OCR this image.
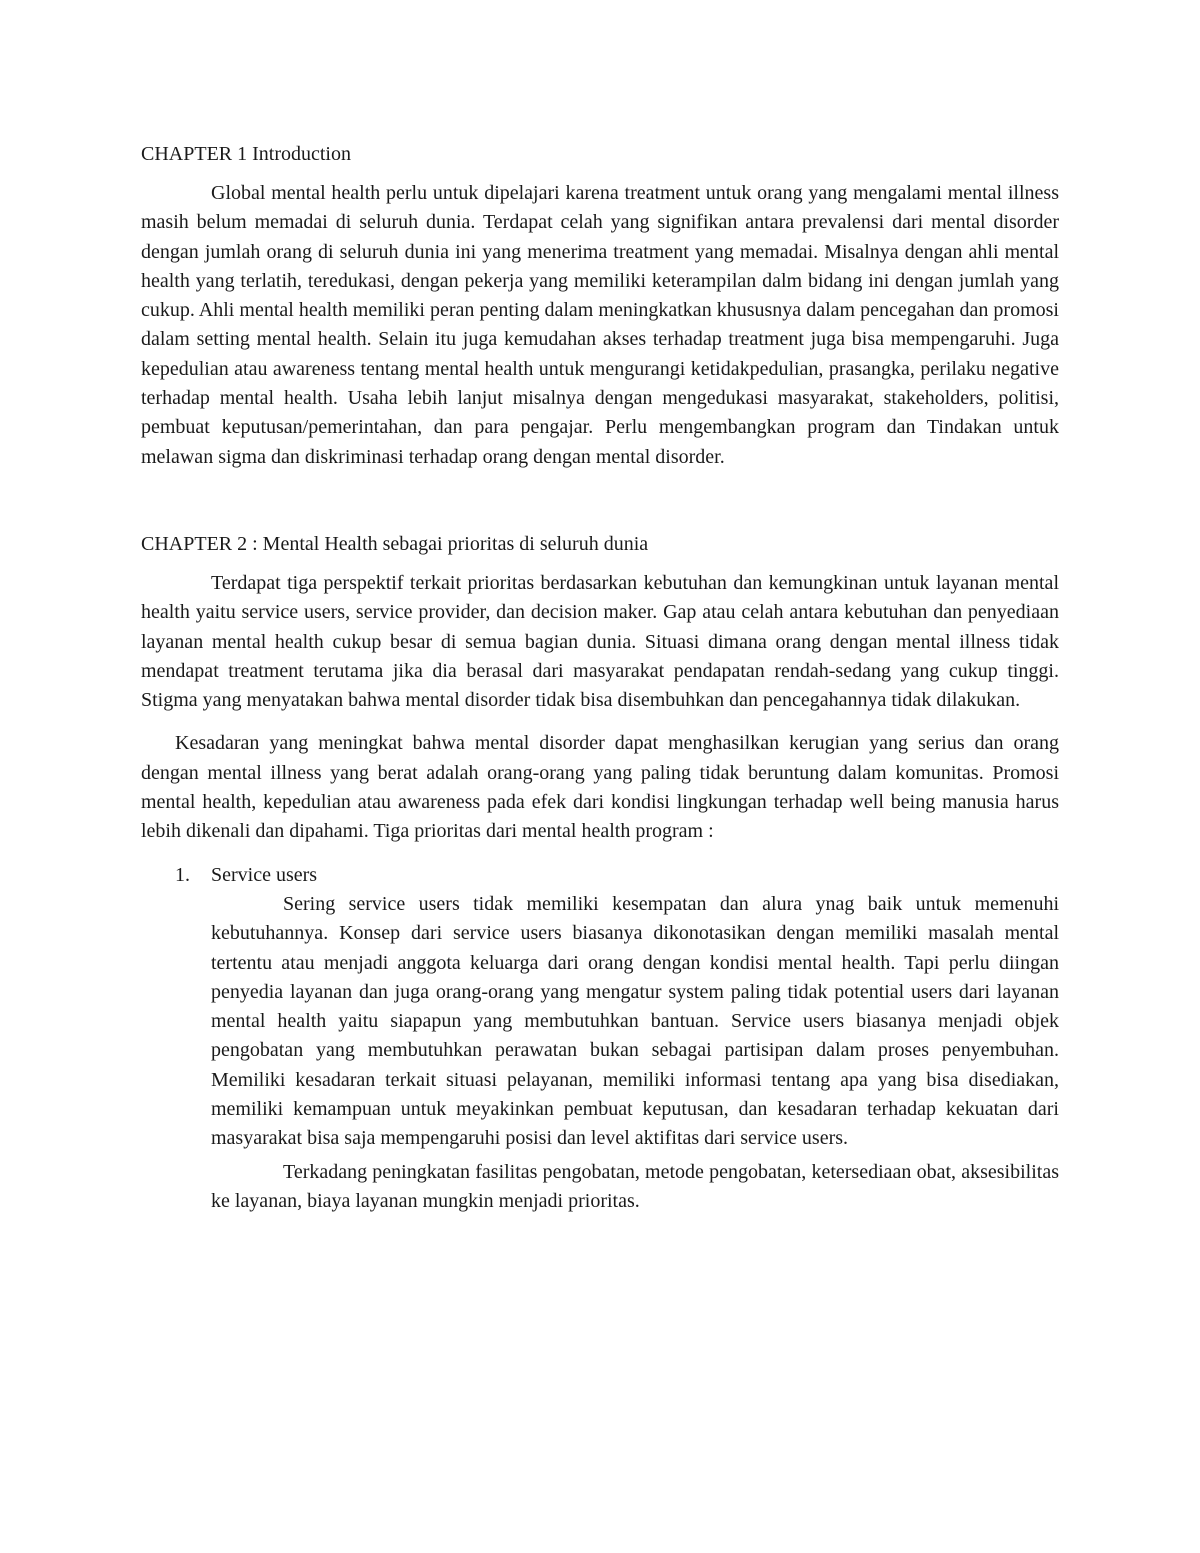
CHAPTER 1 Introduction

Global mental health perlu untuk dipelajari karena treatment untuk orang yang mengalami mental illness masih belum memadai di seluruh dunia. Terdapat celah yang signifikan antara prevalensi dari mental disorder dengan jumlah orang di seluruh dunia ini yang menerima treatment yang memadai. Misalnya dengan ahli mental health yang terlatih, teredukasi, dengan pekerja yang memiliki keterampilan dalm bidang ini dengan jumlah yang cukup. Ahli mental health memiliki peran penting dalam meningkatkan khususnya dalam pencegahan dan promosi dalam setting mental health. Selain itu juga kemudahan akses terhadap treatment juga bisa mempengaruhi. Juga kepedulian atau awareness tentang mental health untuk mengurangi ketidakpedulian, prasangka, perilaku negative terhadap mental health. Usaha lebih lanjut misalnya dengan mengedukasi masyarakat, stakeholders, politisi, pembuat keputusan/pemerintahan, dan para pengajar. Perlu mengembangkan program dan Tindakan untuk melawan sigma dan diskriminasi terhadap orang dengan mental disorder.

CHAPTER 2 : Mental Health sebagai prioritas di seluruh dunia

Terdapat tiga perspektif terkait prioritas berdasarkan kebutuhan dan kemungkinan untuk layanan mental health yaitu service users, service provider, dan decision maker. Gap atau celah antara kebutuhan dan penyediaan layanan mental health cukup besar di semua bagian dunia. Situasi dimana orang dengan mental illness tidak mendapat treatment terutama jika dia berasal dari masyarakat pendapatan rendah-sedang yang cukup tinggi. Stigma yang menyatakan bahwa mental disorder tidak bisa disembuhkan dan pencegahannya tidak dilakukan.

Kesadaran yang meningkat bahwa mental disorder dapat menghasilkan kerugian yang serius dan orang dengan mental illness yang berat adalah orang-orang yang paling tidak beruntung dalam komunitas. Promosi mental health, kepedulian atau awareness pada efek dari kondisi lingkungan terhadap well being manusia harus lebih dikenali dan dipahami. Tiga prioritas dari mental health program :

1. Service users

Sering service users tidak memiliki kesempatan dan alura ynag baik untuk memenuhi kebutuhannya. Konsep dari service users biasanya dikonotasikan dengan memiliki masalah mental tertentu atau menjadi anggota keluarga dari orang dengan kondisi mental health. Tapi perlu diingan penyedia layanan dan juga orang-orang yang mengatur system paling tidak potential users dari layanan mental health yaitu siapapun yang membutuhkan bantuan. Service users biasanya menjadi objek pengobatan yang membutuhkan perawatan bukan sebagai partisipan dalam proses penyembuhan. Memiliki kesadaran terkait situasi pelayanan, memiliki informasi tentang apa yang bisa disediakan, memiliki kemampuan untuk meyakinkan pembuat keputusan, dan kesadaran terhadap kekuatan dari masyarakat bisa saja mempengaruhi posisi dan level aktifitas dari service users.

Terkadang peningkatan fasilitas pengobatan, metode pengobatan, ketersediaan obat, aksesibilitas ke layanan, biaya layanan mungkin menjadi prioritas.
